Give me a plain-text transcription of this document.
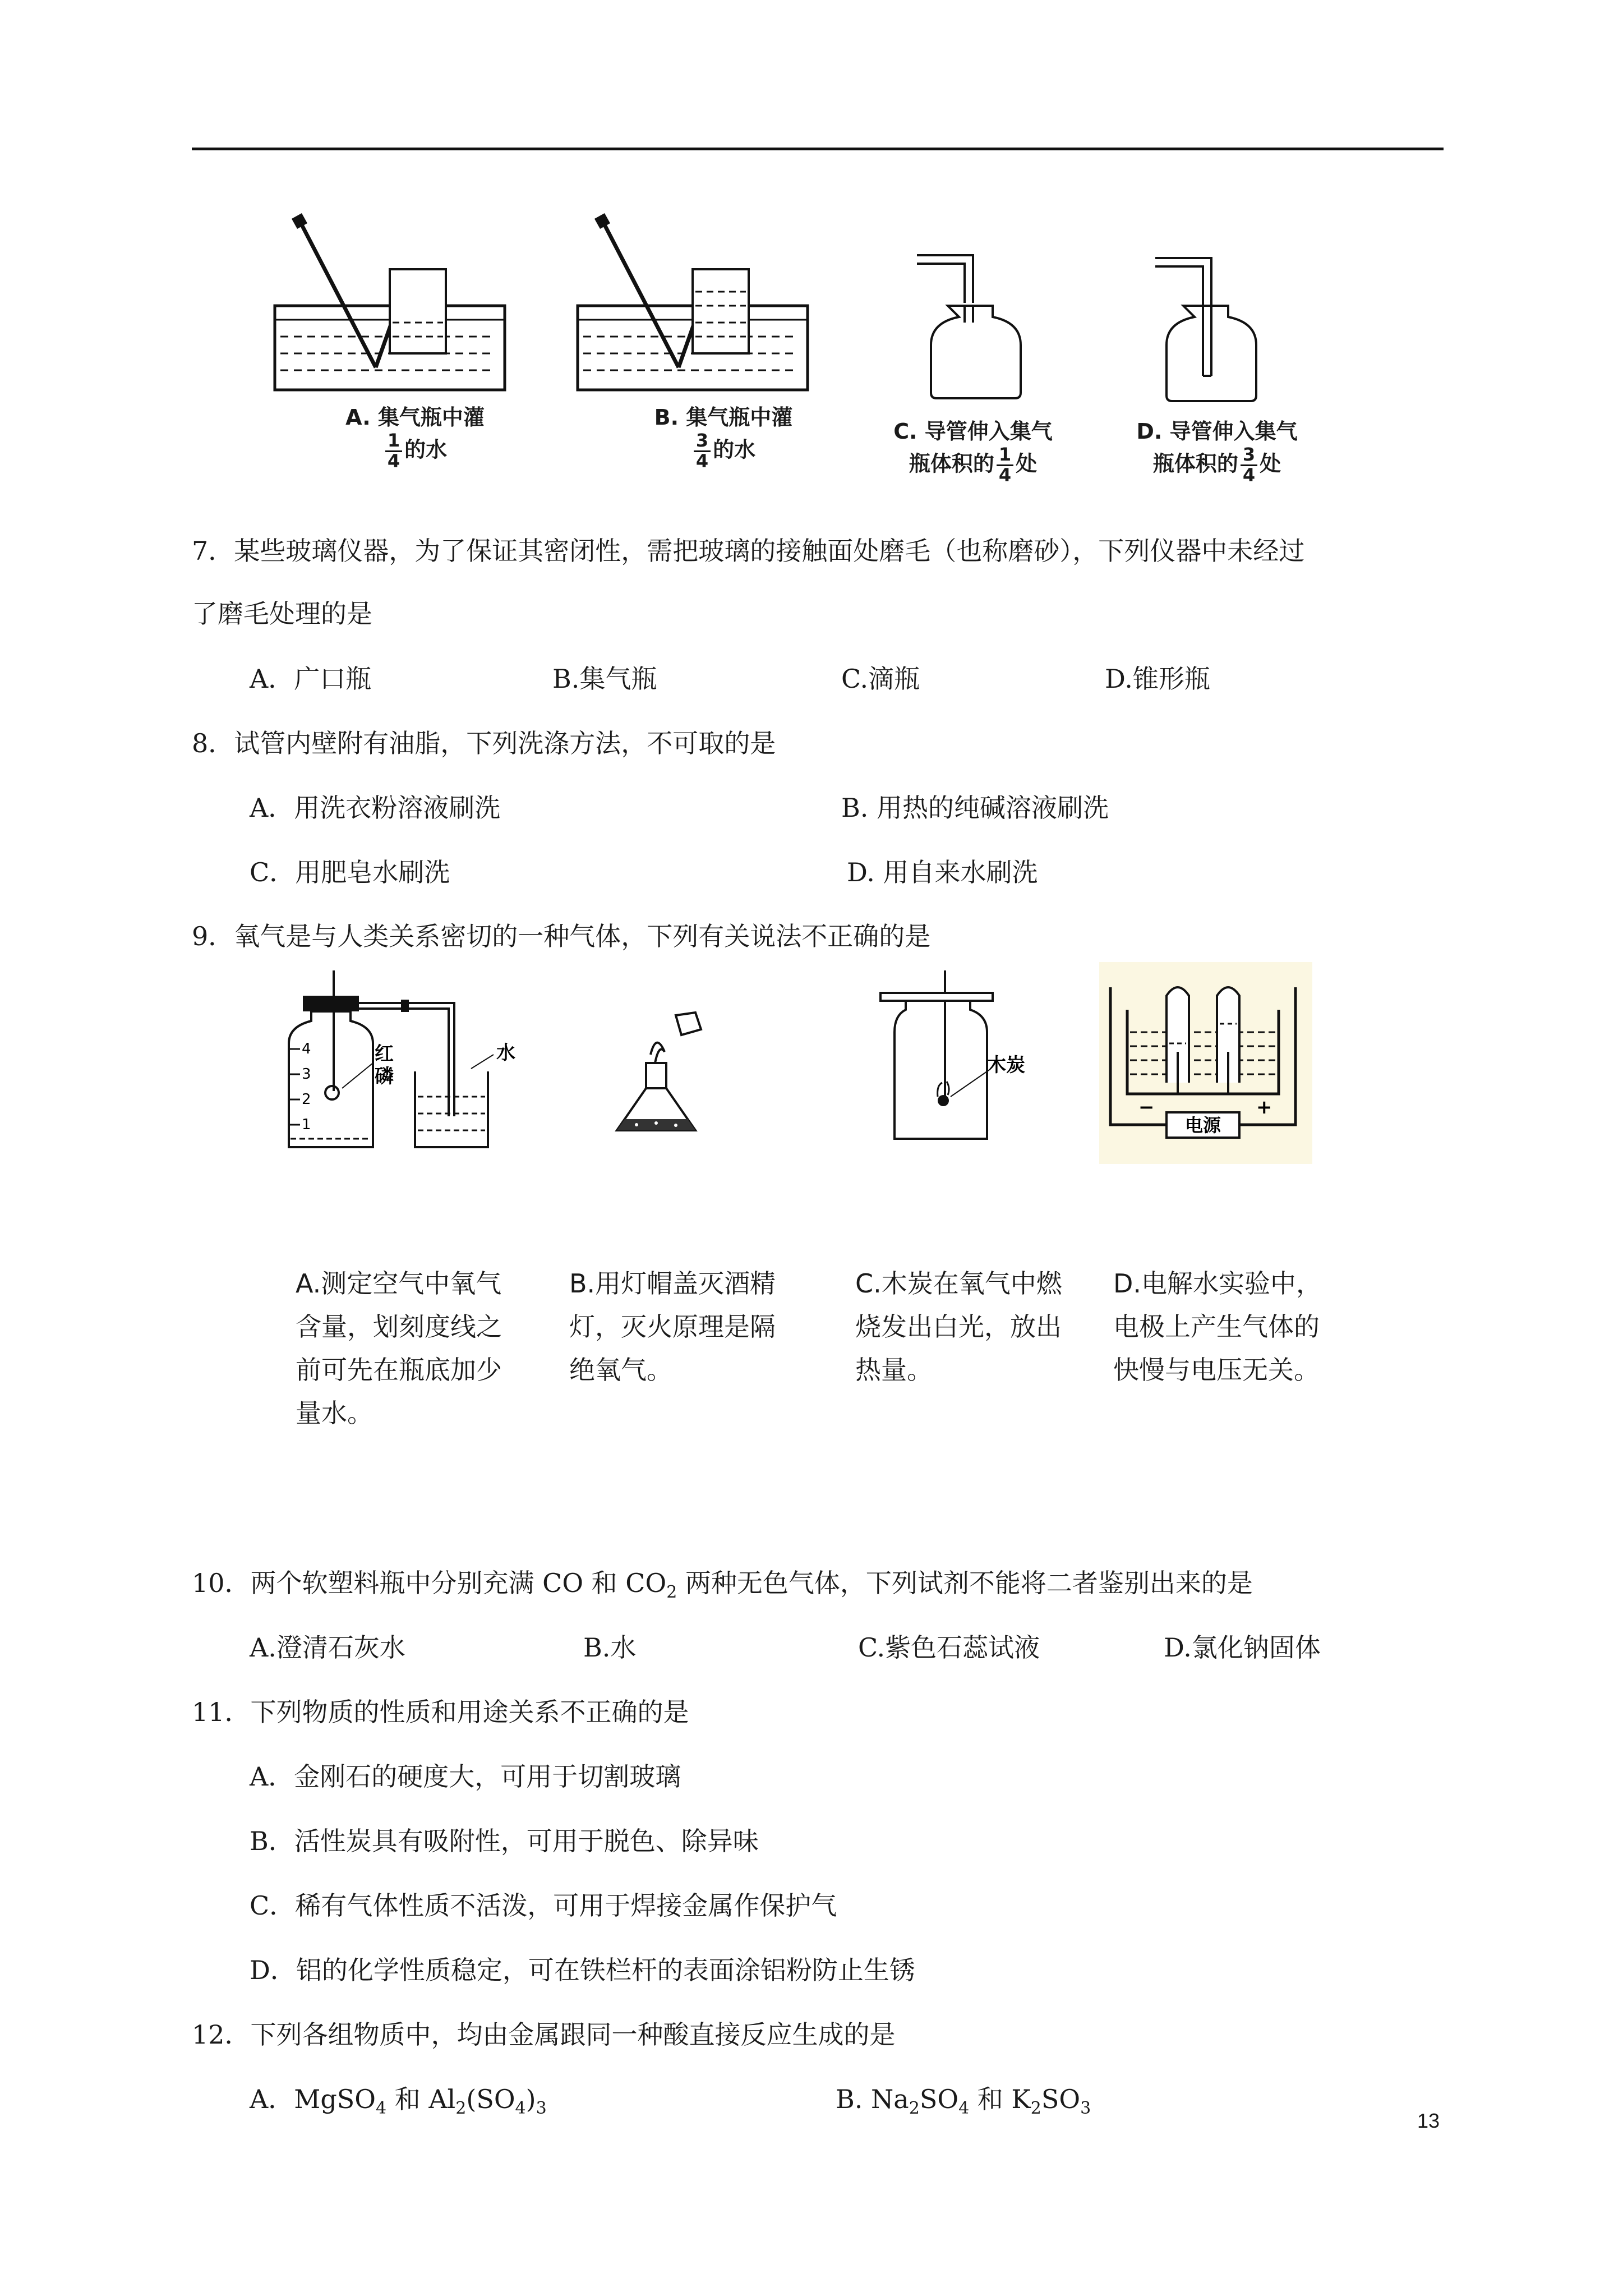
A. 集气瓶中灌

$\frac{1}{4}$ 的水
B. 集气瓶中灌

$\frac{3}{4}$ 的水
C. 导管伸入集气
瓶体积的 $\frac{1}{4}$ 处
D. 导管伸入集气
瓶体积的 $\frac{3}{4}$ 处
7．某些玻璃仪器，为了保证其密闭性，需把玻璃的接触面处磨毛（也称磨砂），下列仪器中未经过
了磨毛处理的是
A．广口瓶	B.集气瓶	C.滴瓶	D.锥形瓶
8．试管内壁附有油脂，下列洗涤方法，不可取的是
A．用洗衣粉溶液刷洗	B. 用热的纯碱溶液刷洗
C．用肥皂水刷洗	D. 用自来水刷洗
9．氧气是与人类关系密切的一种气体，下列有关说法不正确的是
4
3
2
1
红磷
水
木炭
电源
−	+
A.测定空气中氧气含量，划刻度线之前可先在瓶底加少量水。
B.用灯帽盖灭酒精灯，灭火原理是隔绝氧气。
C.木炭在氧气中燃烧发出白光，放出热量。
D.电解水实验中，电极上产生气体的快慢与电压无关。
10．两个软塑料瓶中分别充满 CO 和 $CO_2$ 两种无色气体，下列试剂不能将二者鉴别出来的是
A.澄清石灰水	B.水	C.紫色石蕊试液	D.氯化钠固体
11．下列物质的性质和用途关系不正确的是
A．金刚石的硬度大，可用于切割玻璃
B．活性炭具有吸附性，可用于脱色、除异味
C．稀有气体性质不活泼，可用于焊接金属作保护气
D．铝的化学性质稳定，可在铁栏杆的表面涂铝粉防止生锈
12．下列各组物质中，均由金属跟同一种酸直接反应生成的是
A．MgSO$_4$ 和 $Al_2(SO_4)_3$	B. $Na_2SO_4$ 和 $K_2SO_3$
13
